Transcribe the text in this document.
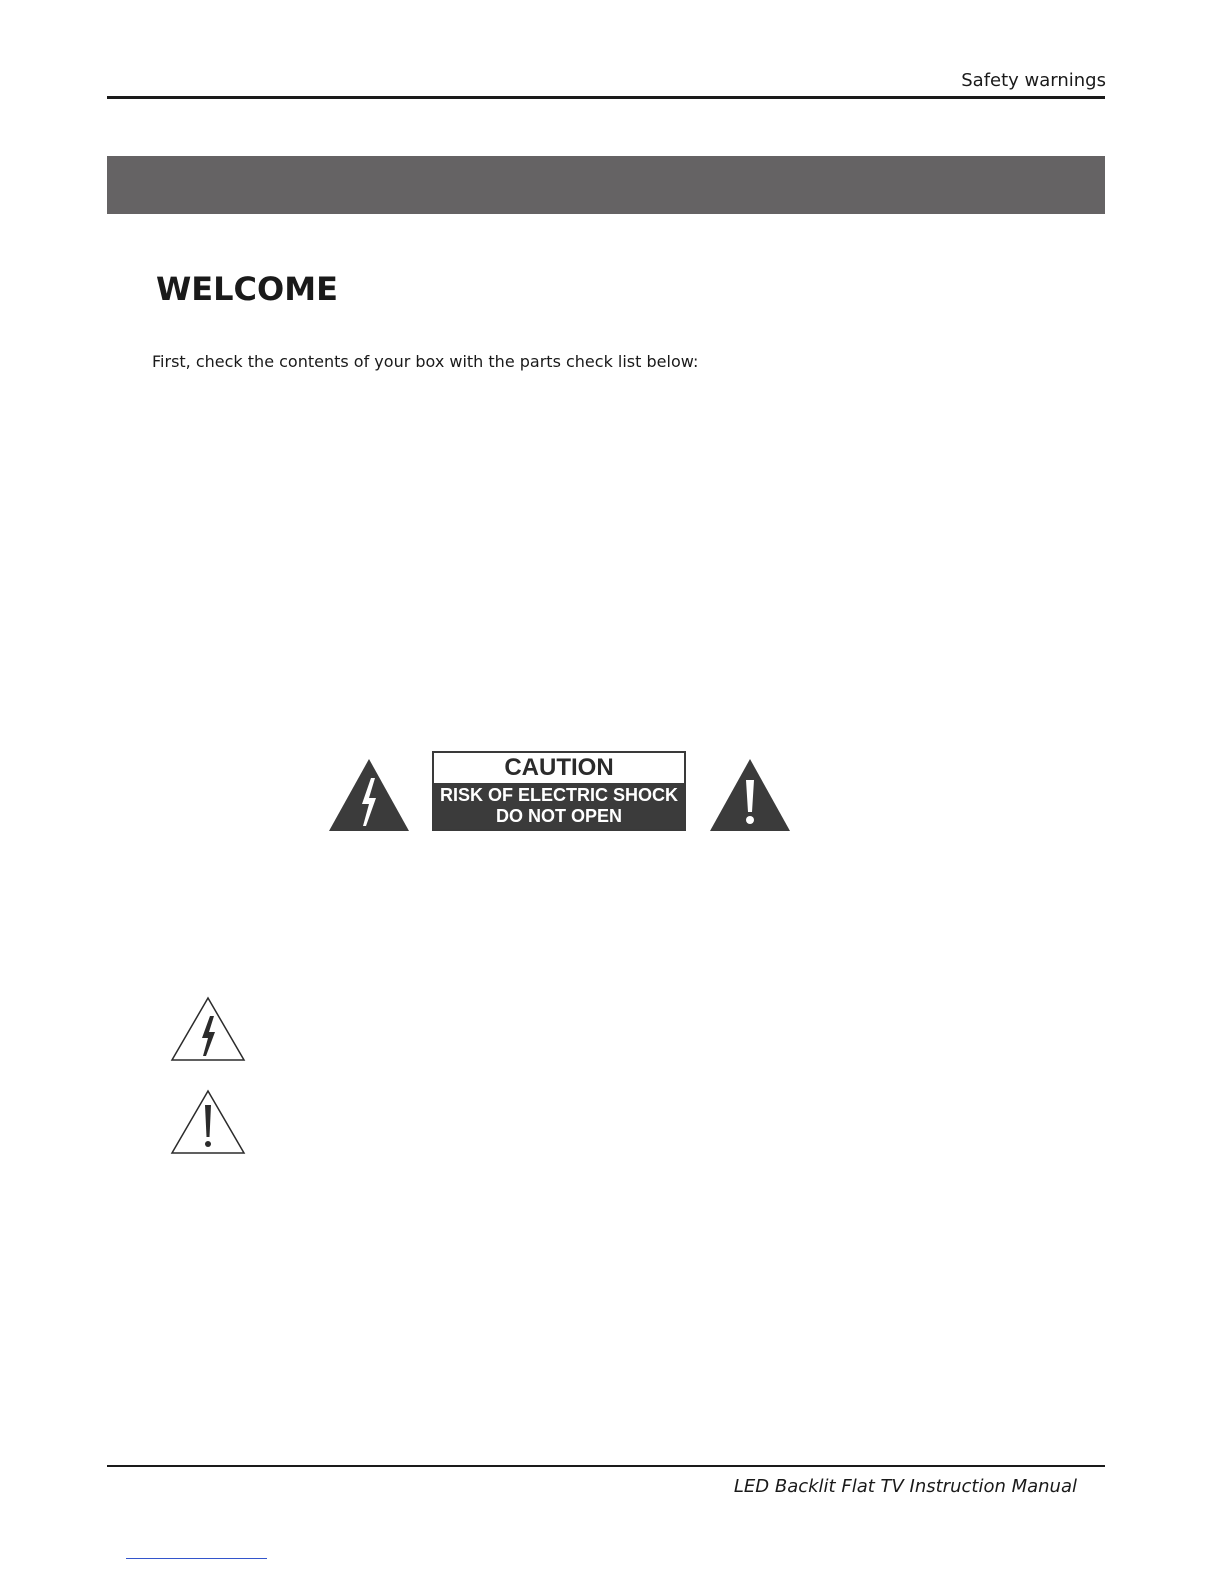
Safety warnings
WELCOME
First, check the contents of your box with the parts check list below:
CAUTION
RISK OF ELECTRIC SHOCK
DO NOT OPEN
LED Backlit Flat TV Instruction Manual
